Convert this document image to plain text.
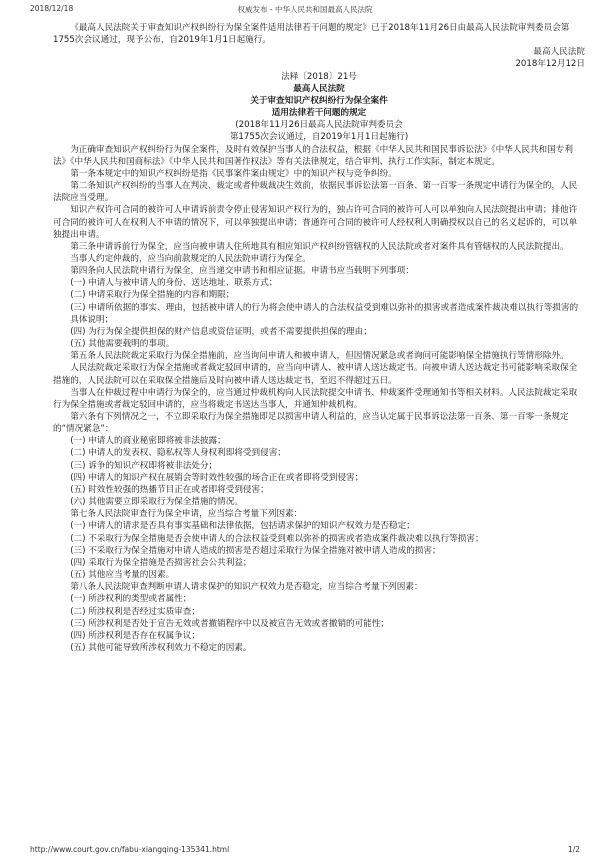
2018/12/18	权威发布 - 中华人民共和国最高人民法院

《最高人民法院关于审查知识产权纠纷行为保全案件适用法律若干问题的规定》已于2018年11月26日由最高人民法院审判委员会第1755次会议通过，现予公布，自2019年1月1日起施行。

最高人民法院

2018年12月12日

法释〔2018〕21号

最高人民法院

关于审查知识产权纠纷行为保全案件

适用法律若干问题的规定

(2018年11月26日最高人民法院审判委员会

第1755次会议通过，自2019年1月1日起施行)

为正确审查知识产权纠纷行为保全案件，及时有效保护当事人的合法权益，根据《中华人民共和国民事诉讼法》《中华人民共和国专利法》《中华人民共和国商标法》《中华人民共和国著作权法》等有关法律规定，结合审判、执行工作实际，制定本规定。

第一条本规定中的知识产权纠纷是指《民事案件案由规定》中的知识产权与竞争纠纷。

第二条知识产权纠纷的当事人在判决、裁定或者仲裁裁决生效前，依据民事诉讼法第一百条、第一百零一条规定申请行为保全的，人民法院应当受理。

知识产权许可合同的被许可人申请诉前责令停止侵害知识产权行为的，独占许可合同的被许可人可以单独向人民法院提出申请；排他许可合同的被许可人在权利人不申请的情况下，可以单独提出申请；普通许可合同的被许可人经权利人明确授权以自己的名义起诉的，可以单独提出申请。

第三条申请诉前行为保全，应当向被申请人住所地具有相应知识产权纠纷管辖权的人民法院或者对案件具有管辖权的人民法院提出。

当事人约定仲裁的，应当向前款规定的人民法院申请行为保全。

第四条向人民法院申请行为保全，应当递交申请书和相应证据。申请书应当载明下列事项：

(一) 申请人与被申请人的身份、送达地址、联系方式；

(二) 申请采取行为保全措施的内容和期限；

(三) 申请所依据的事实、理由，包括被申请人的行为将会使申请人的合法权益受到难以弥补的损害或者造成案件裁决难以执行等损害的具体说明；

(四) 为行为保全提供担保的财产信息或资信证明，或者不需要提供担保的理由；

(五) 其他需要载明的事项。

第五条人民法院裁定采取行为保全措施前，应当询问申请人和被申请人，但因情况紧急或者询问可能影响保全措施执行等情形除外。

人民法院裁定采取行为保全措施或者裁定驳回申请的，应当向申请人、被申请人送达裁定书。向被申请人送达裁定书可能影响采取保全措施的，人民法院可以在采取保全措施后及时向被申请人送达裁定书，至迟不得超过五日。

当事人在仲裁过程中申请行为保全的，应当通过仲裁机构向人民法院提交申请书、仲裁案件受理通知书等相关材料。人民法院裁定采取行为保全措施或者裁定驳回申请的，应当将裁定书送达当事人，并通知仲裁机构。

第六条有下列情况之一，不立即采取行为保全措施即足以损害申请人利益的，应当认定属于民事诉讼法第一百条、第一百零一条规定的“情况紧急”：

(一) 申请人的商业秘密即将被非法披露；

(二) 申请人的发表权、隐私权等人身权利即将受到侵害；

(三) 诉争的知识产权即将被非法处分；

(四) 申请人的知识产权在展销会等时效性较强的场合正在或者即将受到侵害；

(五) 时效性较强的热播节目正在或者即将受到侵害；

(六) 其他需要立即采取行为保全措施的情况。

第七条人民法院审查行为保全申请，应当综合考量下列因素：

(一) 申请人的请求是否具有事实基础和法律依据，包括请求保护的知识产权效力是否稳定；

(二) 不采取行为保全措施是否会使申请人的合法权益受到难以弥补的损害或者造成案件裁决难以执行等损害；

(三) 不采取行为保全措施对申请人造成的损害是否超过采取行为保全措施对被申请人造成的损害；

(四) 采取行为保全措施是否损害社会公共利益；

(五) 其他应当考量的因素。

第八条人民法院审查判断申请人请求保护的知识产权效力是否稳定，应当综合考量下列因素：

(一) 所涉权利的类型或者属性；

(二) 所涉权利是否经过实质审查；

(三) 所涉权利是否处于宣告无效或者撤销程序中以及被宣告无效或者撤销的可能性；

(四) 所涉权利是否存在权属争议；

(五) 其他可能导致所涉权利效力不稳定的因素。

http://www.court.gov.cn/fabu-xiangqing-135341.html	1/2
